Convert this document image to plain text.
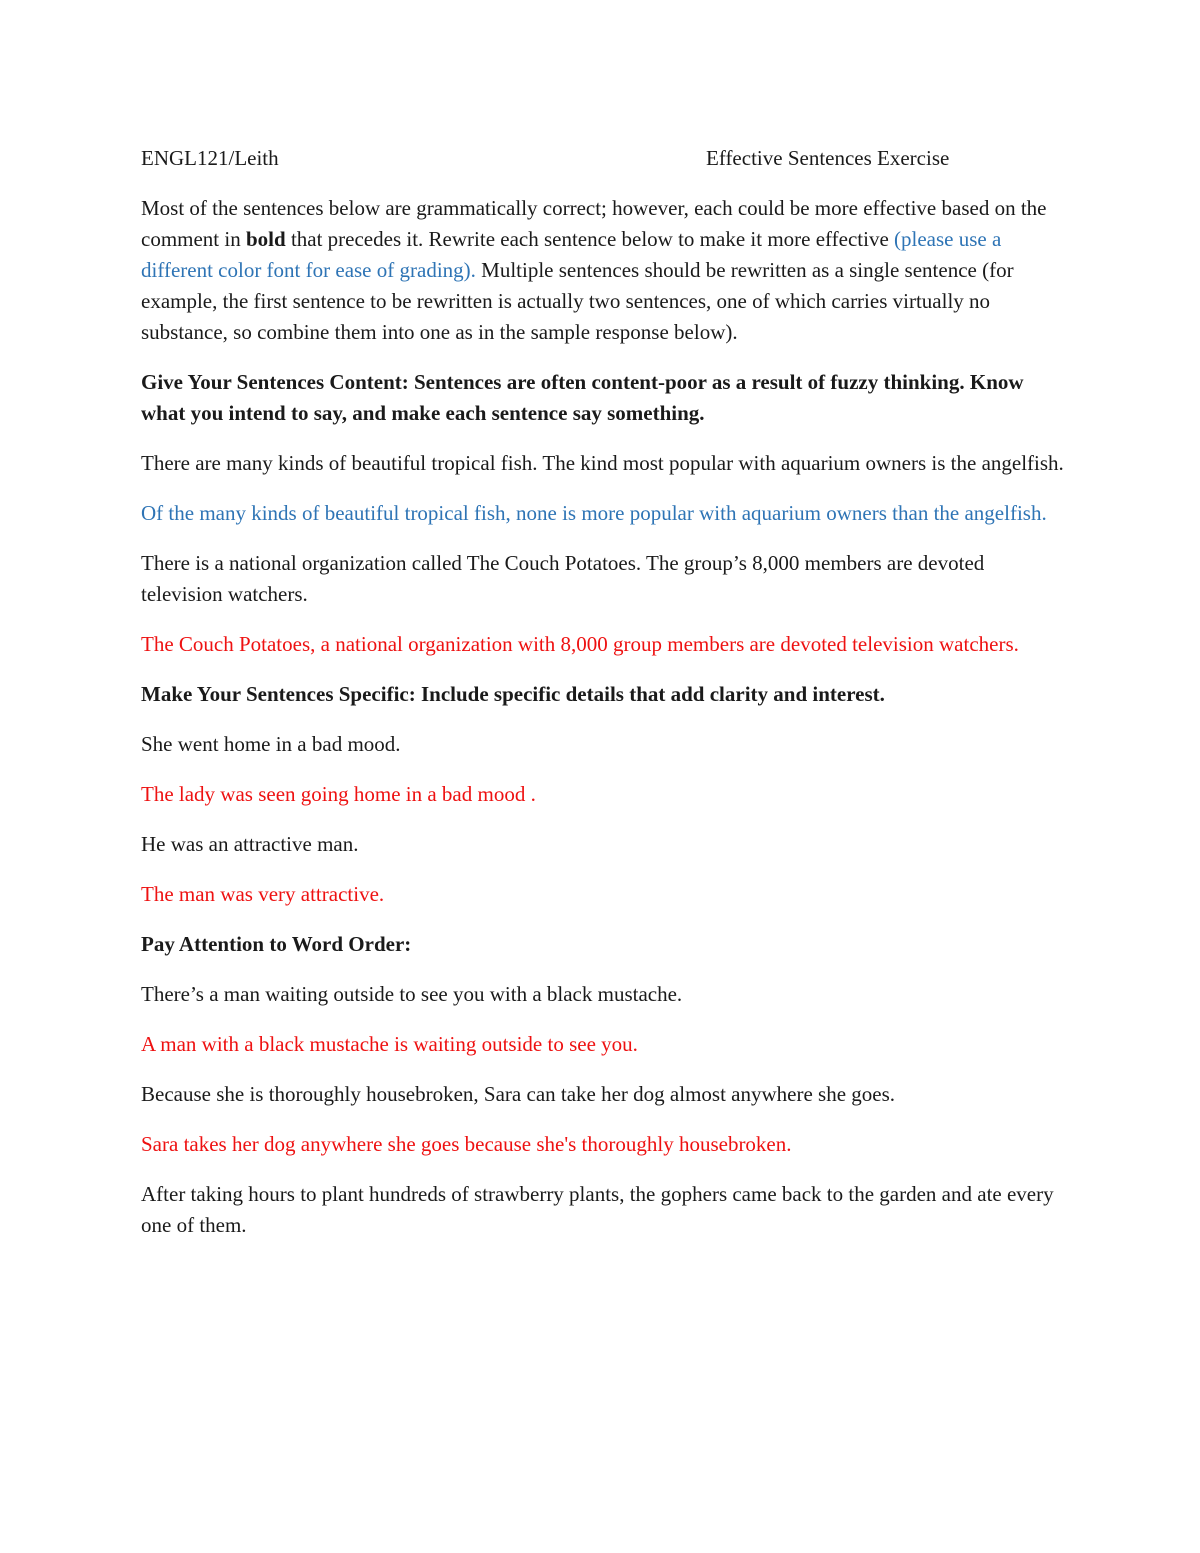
ENGL121/Leith	Effective Sentences Exercise

Most of the sentences below are grammatically correct; however, each could be more effective based on the comment in bold that precedes it. Rewrite each sentence below to make it more effective (please use a different color font for ease of grading). Multiple sentences should be rewritten as a single sentence (for example, the first sentence to be rewritten is actually two sentences, one of which carries virtually no substance, so combine them into one as in the sample response below).

Give Your Sentences Content: Sentences are often content-poor as a result of fuzzy thinking. Know what you intend to say, and make each sentence say something.

There are many kinds of beautiful tropical fish. The kind most popular with aquarium owners is the angelfish.

Of the many kinds of beautiful tropical fish, none is more popular with aquarium owners than the angelfish.

There is a national organization called The Couch Potatoes. The group’s 8,000 members are devoted television watchers.

The Couch Potatoes, a national organization with 8,000 group members are devoted television watchers.

Make Your Sentences Specific: Include specific details that add clarity and interest.

She went home in a bad mood.

The lady was seen going home in a bad mood .

He was an attractive man.

The man was very attractive.

Pay Attention to Word Order:

There’s a man waiting outside to see you with a black mustache.

A man with a black mustache is waiting outside to see you.

Because she is thoroughly housebroken, Sara can take her dog almost anywhere she goes.

Sara takes her dog anywhere she goes because she's thoroughly housebroken.

After taking hours to plant hundreds of strawberry plants, the gophers came back to the garden and ate every one of them.
